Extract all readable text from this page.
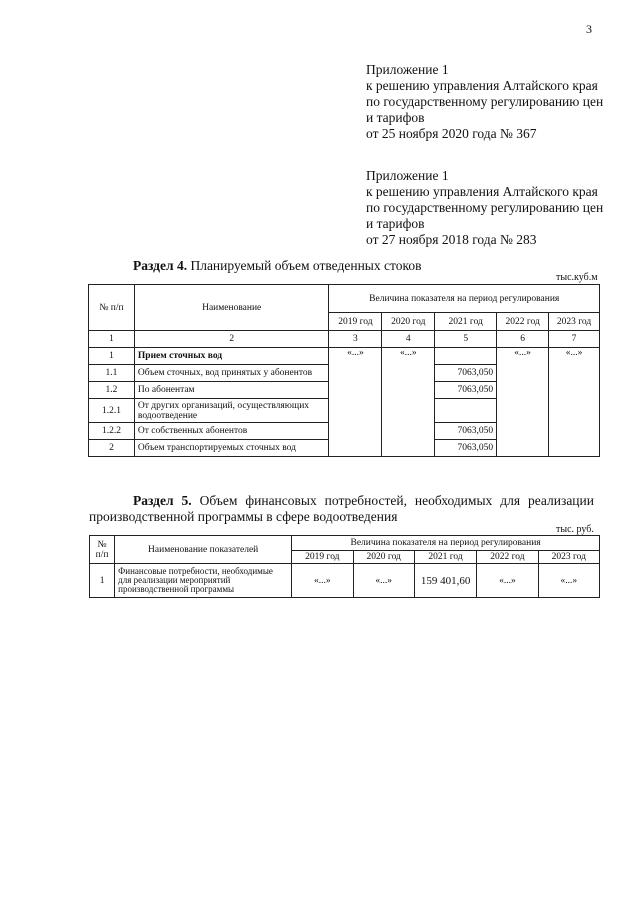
3
Приложение 1
к решению управления Алтайского края
по государственному регулированию цен
и тарифов
от 25 ноября 2020 года № 367
Приложение 1
к решению управления Алтайского края
по государственному регулированию цен
и тарифов
от 27 ноября 2018 года № 283
Раздел 4. Планируемый объем отведенных стоков
тыс.куб.м
№ п/п	Наименование	Величина показателя на период регулирования				
		2019 год	2020 год	2021 год	2022 год	2023 год
1	2	3	4	5	6	7
1	Прием сточных вод	«...»	«...»		«...»	«...»
1.1	Объем сточных, вод принятых у абонентов			7063,050		
1.2	По абонентам			7063,050		
1.2.1	От других организаций, осуществляющих водоотведение					
1.2.2	От собственных абонентов			7063,050		
2	Объем транспортируемых сточных вод			7063,050		
Раздел 5. Объем финансовых потребностей, необходимых для реализации производственной программы в сфере водоотведения
тыс. руб.
№ п/п	Наименование показателей	Величина показателя на период регулирования				
		2019 год	2020 год	2021 год	2022 год	2023 год
1	Финансовые потребности, необходимые для реализации мероприятий производственной программы	«...»	«...»	159 401,60	«...»	«...»
